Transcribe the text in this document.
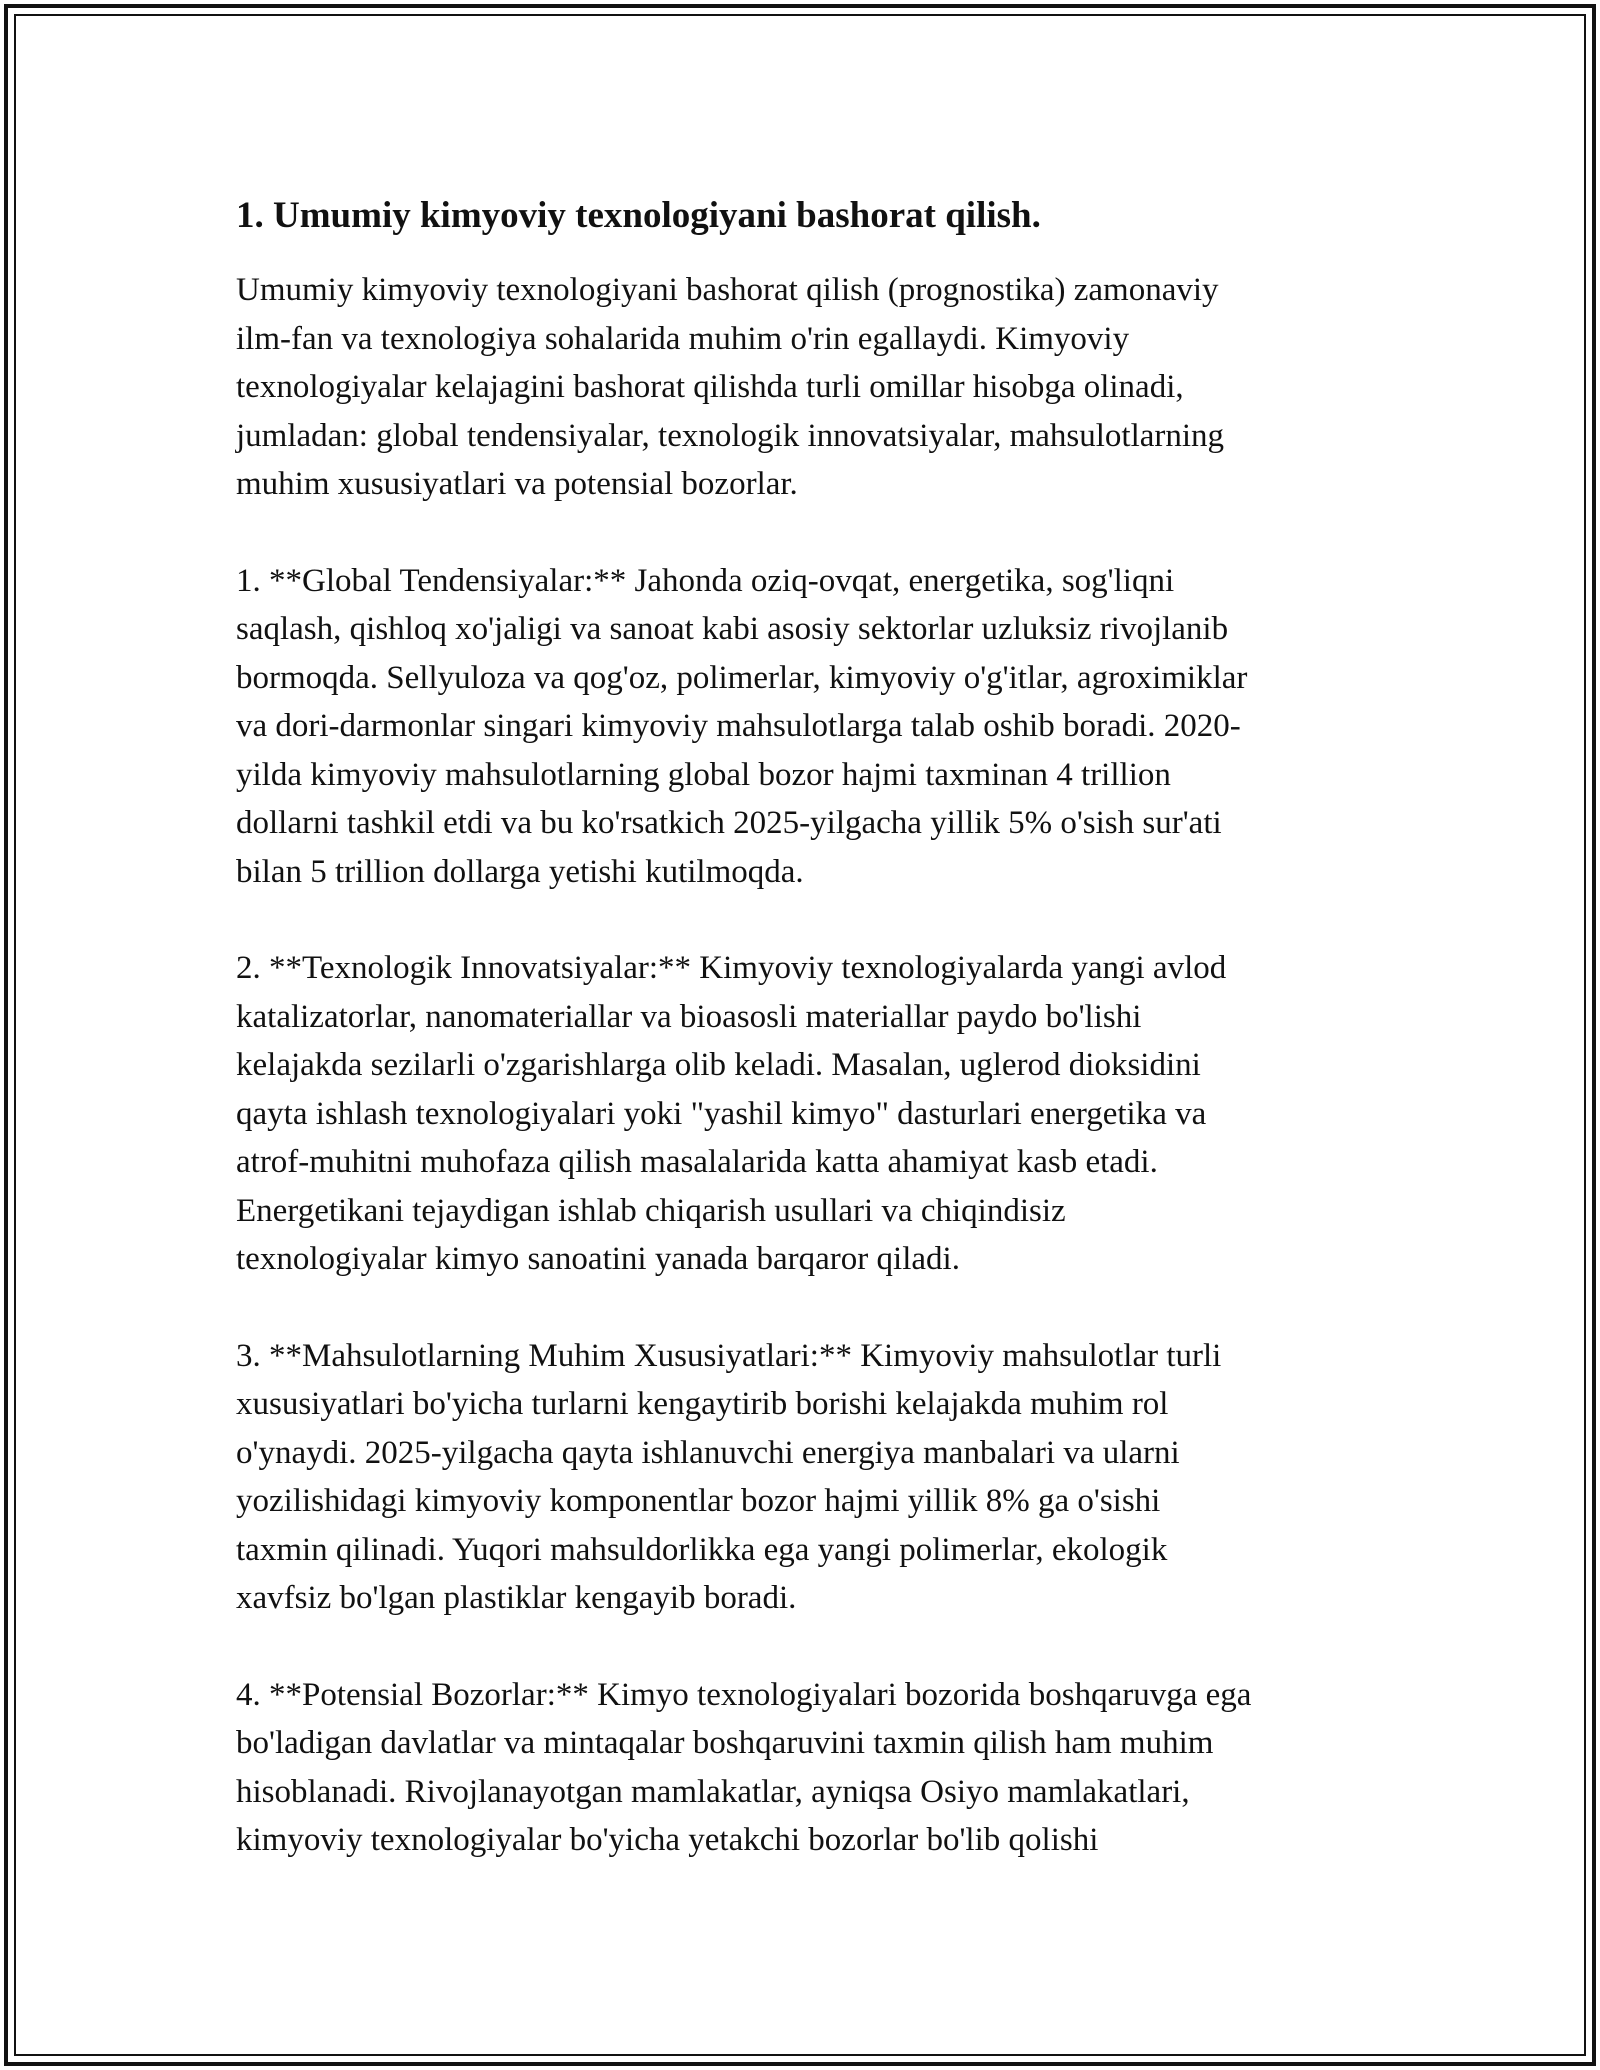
1. Umumiy kimyoviy texnologiyani bashorat qilish.

Umumiy kimyoviy texnologiyani bashorat qilish (prognostika) zamonaviy
ilm-fan va texnologiya sohalarida muhim o'rin egallaydi. Kimyoviy
texnologiyalar kelajagini bashorat qilishda turli omillar hisobga olinadi,
jumladan: global tendensiyalar, texnologik innovatsiyalar, mahsulotlarning
muhim xususiyatlari va potensial bozorlar.

1. **Global Tendensiyalar:** Jahonda oziq-ovqat, energetika, sog'liqni
saqlash, qishloq xo'jaligi va sanoat kabi asosiy sektorlar uzluksiz rivojlanib
bormoqda. Sellyuloza va qog'oz, polimerlar, kimyoviy o'g'itlar, agroximiklar
va dori-darmonlar singari kimyoviy mahsulotlarga talab oshib boradi. 2020-
yilda kimyoviy mahsulotlarning global bozor hajmi taxminan 4 trillion
dollarni tashkil etdi va bu ko'rsatkich 2025-yilgacha yillik 5% o'sish sur'ati
bilan 5 trillion dollarga yetishi kutilmoqda.

2. **Texnologik Innovatsiyalar:** Kimyoviy texnologiyalarda yangi avlod
katalizatorlar, nanomateriallar va bioasosli materiallar paydo bo'lishi
kelajakda sezilarli o'zgarishlarga olib keladi. Masalan, uglerod dioksidini
qayta ishlash texnologiyalari yoki "yashil kimyo" dasturlari energetika va
atrof-muhitni muhofaza qilish masalalarida katta ahamiyat kasb etadi.
Energetikani tejaydigan ishlab chiqarish usullari va chiqindisiz
texnologiyalar kimyo sanoatini yanada barqaror qiladi.

3. **Mahsulotlarning Muhim Xususiyatlari:** Kimyoviy mahsulotlar turli
xususiyatlari bo'yicha turlarni kengaytirib borishi kelajakda muhim rol
o'ynaydi. 2025-yilgacha qayta ishlanuvchi energiya manbalari va ularni
yozilishidagi kimyoviy komponentlar bozor hajmi yillik 8% ga o'sishi
taxmin qilinadi. Yuqori mahsuldorlikka ega yangi polimerlar, ekologik
xavfsiz bo'lgan plastiklar kengayib boradi.

4. **Potensial Bozorlar:** Kimyo texnologiyalari bozorida boshqaruvga ega
bo'ladigan davlatlar va mintaqalar boshqaruvini taxmin qilish ham muhim
hisoblanadi. Rivojlanayotgan mamlakatlar, ayniqsa Osiyo mamlakatlari,
kimyoviy texnologiyalar bo'yicha yetakchi bozorlar bo'lib qolishi
